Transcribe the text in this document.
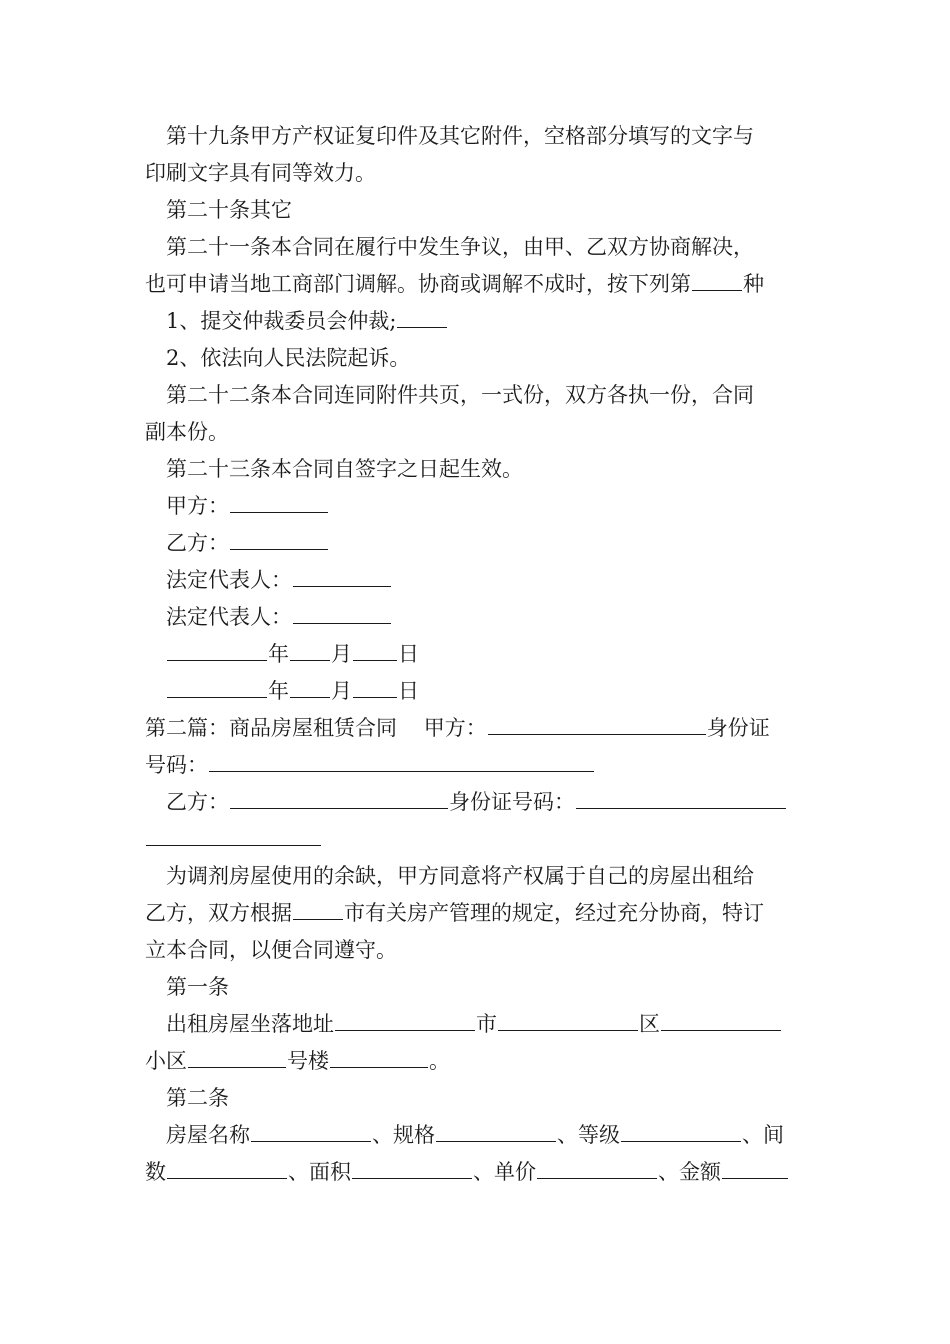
第十九条甲方产权证复印件及其它附件，空格部分填写的文字与
印刷文字具有同等效力。
第二十条其它
第二十一条本合同在履行中发生争议，由甲、乙双方协商解决，
也可申请当地工商部门调解。协商或调解不成时，按下列第 种
1、提交仲裁委员会仲裁;
2、依法向人民法院起诉。
第二十二条本合同连同附件共页，一式份，双方各执一份，合同
副本份。
第二十三条本合同自签字之日起生效。
甲方：
乙方：
法定代表人：
法定代表人：
年 月 日
年 月 日
第二篇：商品房屋租赁合同 甲方：	身份证
号码：
乙方：	身份证号码：
为调剂房屋使用的余缺，甲方同意将产权属于自己的房屋出租给
乙方，双方根据 市有关房产管理的规定，经过充分协商，特订
立本合同，以便合同遵守。
第一条
出租房屋坐落地址	市	区
小区	号楼	。
第二条
房屋名称	、规格	、等级	、间
数	、面积	、单价	、金额
